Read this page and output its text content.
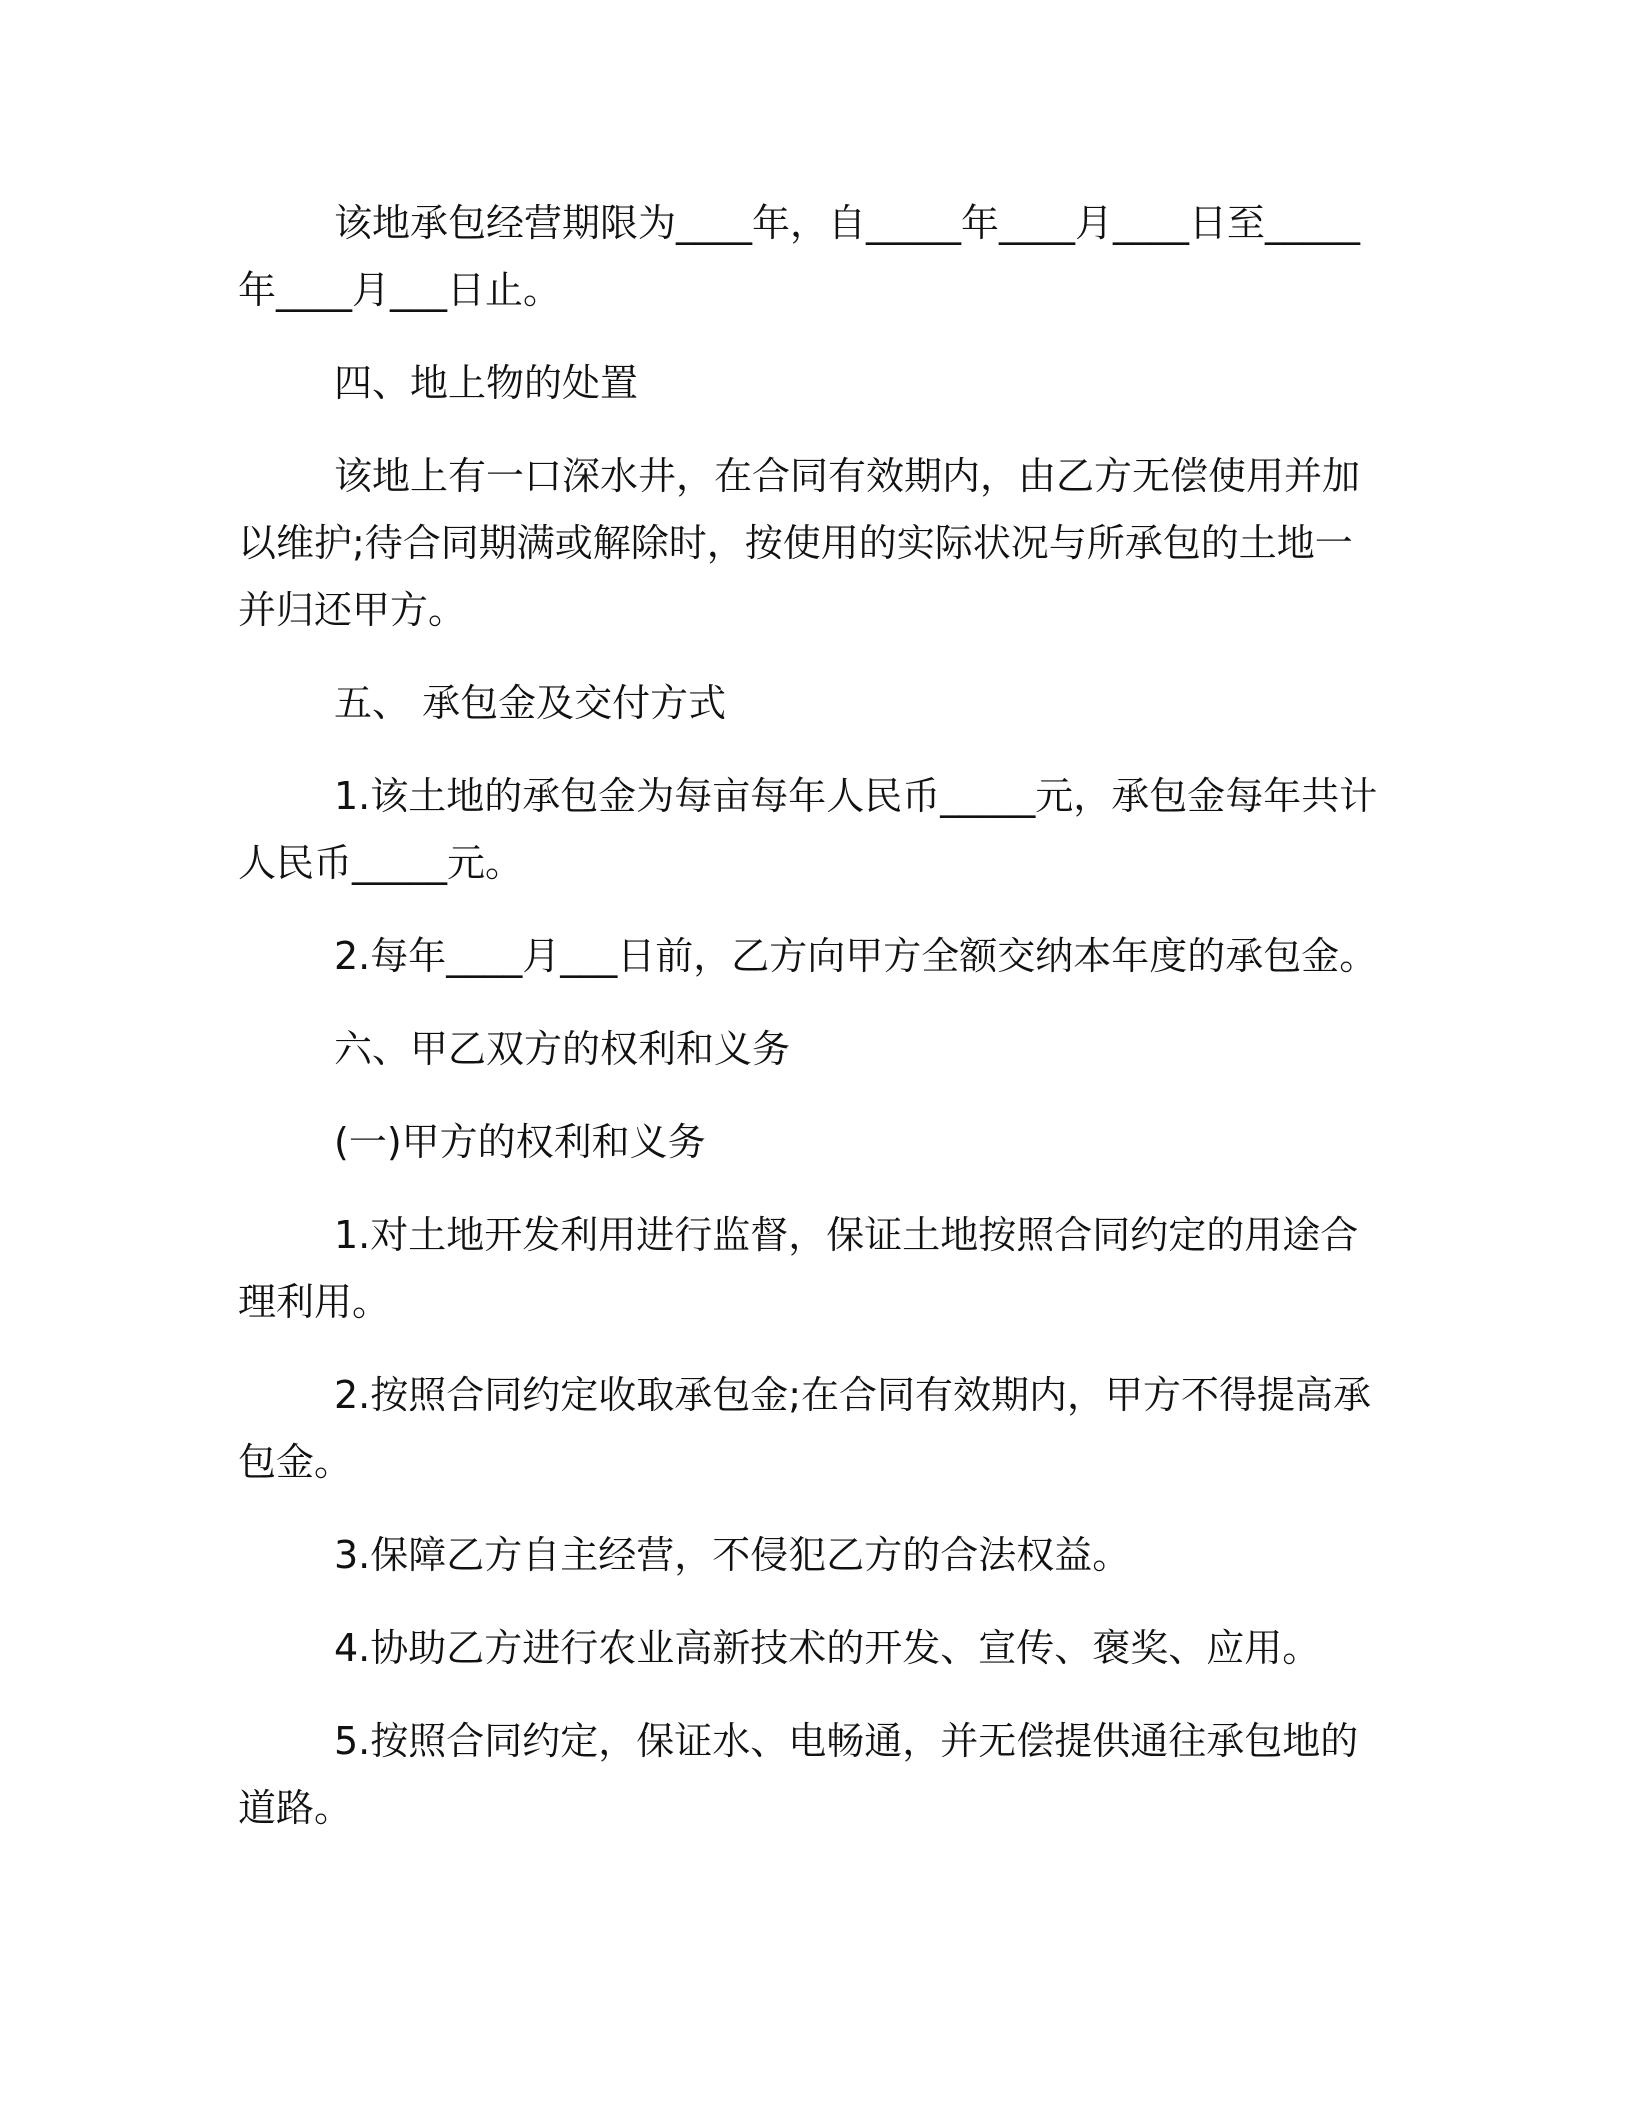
该地承包经营期限为____年，自_____年____月____日至_____年____月___日止。

四、地上物的处置

该地上有一口深水井，在合同有效期内，由乙方无偿使用并加以维护;待合同期满或解除时，按使用的实际状况与所承包的土地一并归还甲方。

五、 承包金及交付方式

1.该土地的承包金为每亩每年人民币_____元，承包金每年共计人民币_____元。

2.每年____月___日前，乙方向甲方全额交纳本年度的承包金。

六、甲乙双方的权利和义务

(一)甲方的权利和义务

1.对土地开发利用进行监督，保证土地按照合同约定的用途合理利用。

2.按照合同约定收取承包金;在合同有效期内，甲方不得提高承包金。

3.保障乙方自主经营，不侵犯乙方的合法权益。

4.协助乙方进行农业高新技术的开发、宣传、褒奖、应用。

5.按照合同约定，保证水、电畅通，并无偿提供通往承包地的道路。
